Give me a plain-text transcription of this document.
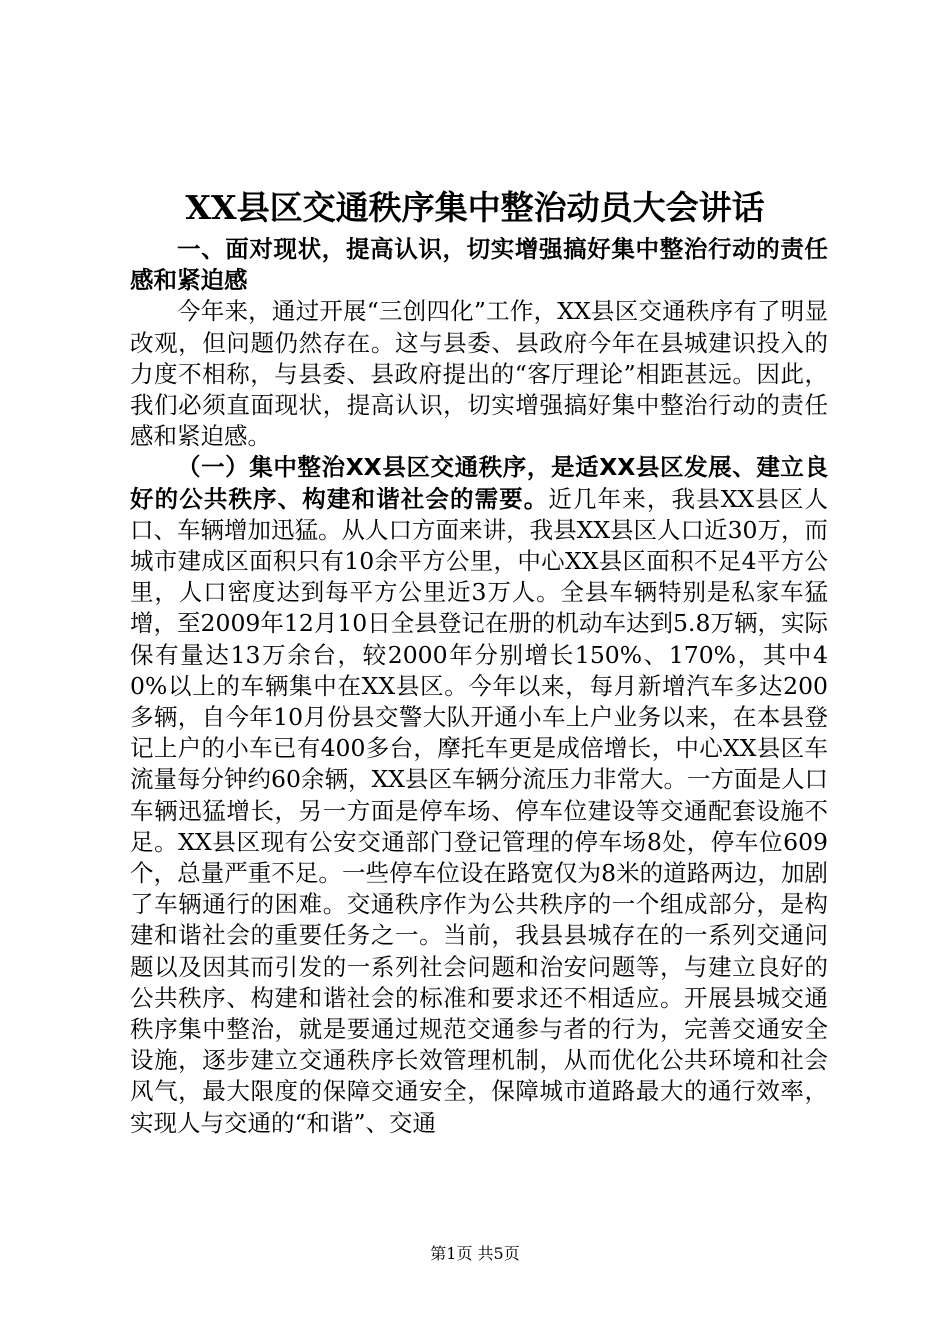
XX县区交通秩序集中整治动员大会讲话

一、面对现状，提高认识，切实增强搞好集中整治行动的责任感和紧迫感

今年来，通过开展“三创四化”工作，XX县区交通秩序有了明显改观，但问题仍然存在。这与县委、县政府今年在县城建识投入的力度不相称，与县委、县政府提出的“客厅理论”相距甚远。因此，我们必须直面现状，提高认识，切实增强搞好集中整治行动的责任感和紧迫感。

（一）集中整治XX县区交通秩序，是适XX县区发展、建立良好的公共秩序、构建和谐社会的需要。近几年来，我县XX县区人口、车辆增加迅猛。从人口方面来讲，我县XX县区人口近30万，而城市建成区面积只有10余平方公里，中心XX县区面积不足4平方公里，人口密度达到每平方公里近3万人。全县车辆特别是私家车猛增，至2009年12月10日全县登记在册的机动车达到5.8万辆，实际保有量达13万余台，较2000年分别增长150%、170%，其中40%以上的车辆集中在XX县区。今年以来，每月新增汽车多达200多辆，自今年10月份县交警大队开通小车上户业务以来，在本县登记上户的小车已有400多台，摩托车更是成倍增长，中心XX县区车流量每分钟约60余辆，XX县区车辆分流压力非常大。一方面是人口车辆迅猛增长，另一方面是停车场、停车位建设等交通配套设施不足。XX县区现有公安交通部门登记管理的停车场8处，停车位609个，总量严重不足。一些停车位设在路宽仅为8米的道路两边，加剧了车辆通行的困难。交通秩序作为公共秩序的一个组成部分，是构建和谐社会的重要任务之一。当前，我县县城存在的一系列交通问题以及因其而引发的一系列社会问题和治安问题等，与建立良好的公共秩序、构建和谐社会的标准和要求还不相适应。开展县城交通秩序集中整治，就是要通过规范交通参与者的行为，完善交通安全设施，逐步建立交通秩序长效管理机制，从而优化公共环境和社会风气，最大限度的保障交通安全，保障城市道路最大的通行效率，实现人与交通的“和谐”、交通

第1页 共5页
